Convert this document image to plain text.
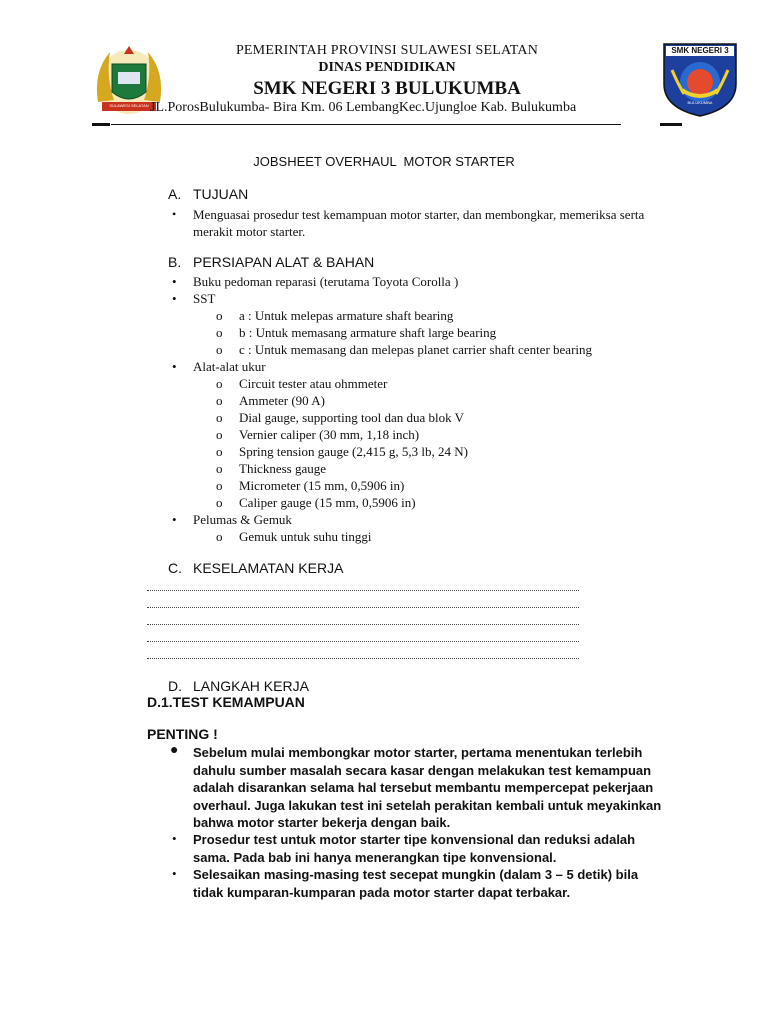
SULAWESI SELATAN
SMK NEGERI 3
BULUKUMBA
PEMERINTAH PROVINSI SULAWESI SELATAN
DINAS PENDIDIKAN
SMK NEGERI 3 BULUKUMBA
JL.PorosBulukumba- Bira Km. 06 LembangKec.Ujungloe Kab. Bulukumba
JOBSHEET OVERHAUL  MOTOR STARTER
A. TUJUAN
• Menguasai prosedur test kemampuan motor starter, dan membongkar, memeriksa serta
merakit motor starter.
B. PERSIAPAN ALAT & BAHAN
• Buku pedoman reparasi (terutama Toyota Corolla )
• SST
o a : Untuk melepas armature shaft bearing
o b : Untuk memasang armature shaft large bearing
o c : Untuk memasang dan melepas planet carrier shaft center bearing
• Alat-alat ukur
o Circuit tester atau ohmmeter
o Ammeter (90 A)
o Dial gauge, supporting tool dan dua blok V
o Vernier caliper (30 mm, 1,18 inch)
o Spring tension gauge (2,415 g, 5,3 lb, 24 N)
o Thickness gauge
o Micrometer (15 mm, 0,5906 in)
o Caliper gauge (15 mm, 0,5906 in)
• Pelumas & Gemuk
o Gemuk untuk suhu tinggi
C. KESELAMATAN KERJA
D. LANGKAH KERJA
D.1.TEST KEMAMPUAN
PENTING !
● Sebelum mulai membongkar motor starter, pertama menentukan terlebih
dahulu sumber masalah secara kasar dengan melakukan test kemampuan
adalah disarankan selama hal tersebut membantu mempercepat pekerjaan
overhaul. Juga lakukan test ini setelah perakitan kembali untuk meyakinkan
bahwa motor starter bekerja dengan baik.
• Prosedur test untuk motor starter tipe konvensional dan reduksi adalah
sama. Pada bab ini hanya menerangkan tipe konvensional.
• Selesaikan masing-masing test secepat mungkin (dalam 3 – 5 detik) bila
tidak kumparan-kumparan pada motor starter dapat terbakar.
